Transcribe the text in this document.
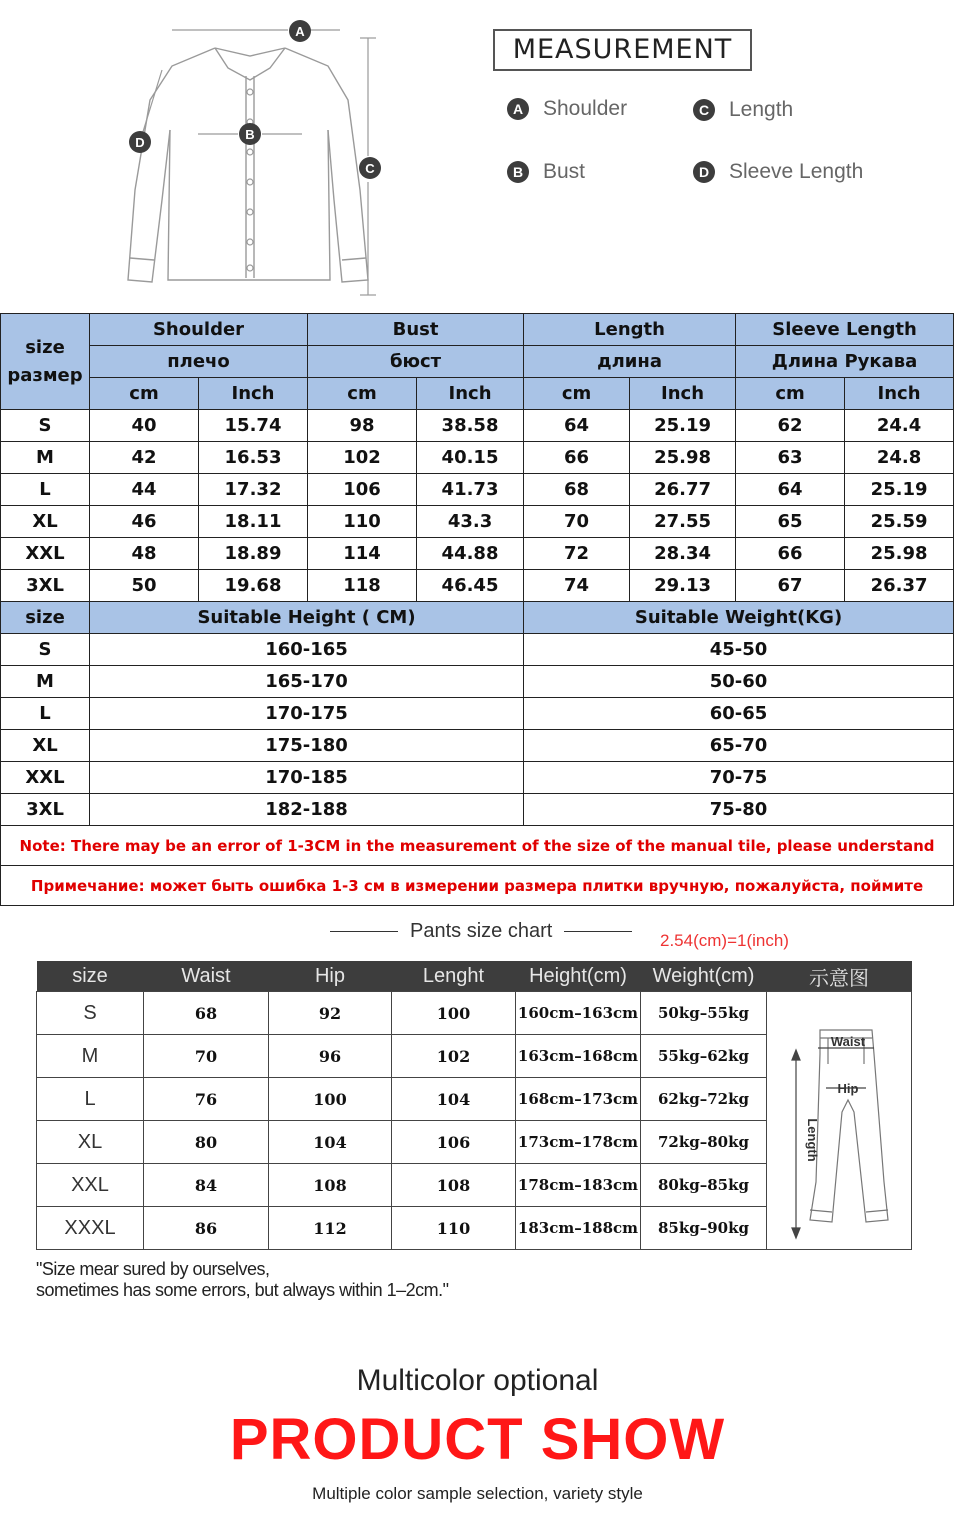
A
B
C
D
MEASUREMENT
A Shoulder	C Length
B Bust	D Sleeve Length
size
размер	Shoulder		Bust		Length		Sleeve Length	
	плечо		бюст		длина		Длина Рукава	
	cm	Inch	cm	Inch	cm	Inch	cm	Inch
S	40	15.74	98	38.58	64	25.19	62	24.4
M	42	16.53	102	40.15	66	25.98	63	24.8
L	44	17.32	106	41.73	68	26.77	64	25.19
XL	46	18.11	110	43.3	70	27.55	65	25.59
XXL	48	18.89	114	44.88	72	28.34	66	25.98
3XL	50	19.68	118	46.45	74	29.13	67	26.37
size	Suitable Height ( CM)				Suitable Weight(KG)			
S	160-165				45-50			
M	165-170				50-60			
L	170-175				60-65			
XL	175-180				65-70			
XXL	170-185				70-75			
3XL	182-188				75-80			
Note: There may be an error of 1-3CM in the measurement of the size of the manual tile, please understand								
Примечание: может быть ошибка 1-3 см в измерении размера плитки вручную, пожалуйста, поймите								
Pants size chart	2.54(cm)=1(inch)
size	Waist	Hip	Lenght	Height(cm)	Weight(cm)	示意图
S	68	92	100	160cm–163cm	50kg–55kg	Waist
Hip
Length

M	70	96	102	163cm–168cm	55kg–62kg	
L	76	100	104	168cm–173cm	62kg–72kg	
XL	80	104	106	173cm–178cm	72kg–80kg	
XXL	84	108	108	178cm–183cm	80kg–85kg	
XXXL	86	112	110	183cm–188cm	85kg–90kg	
"Size mear sured by ourselves,
sometimes has some errors, but always within 1–2cm."
Multicolor optional
PRODUCT SHOW
Multiple color sample selection, variety style
